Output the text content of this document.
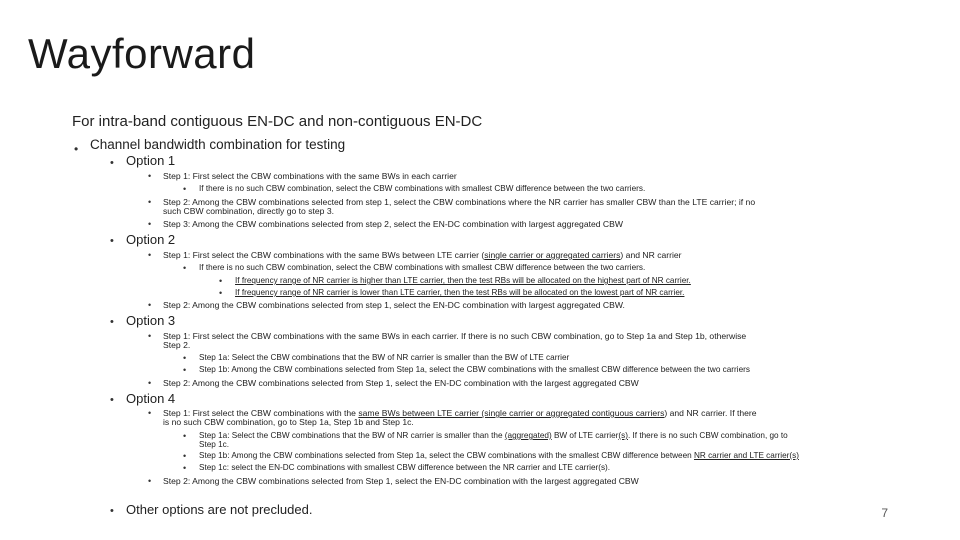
Wayforward
For intra-band contiguous EN-DC and non-contiguous EN-DC
• Channel bandwidth combination for testing
• Option 1
• Step 1: First select the CBW combinations with the same BWs in each carrier
• If there is no such CBW combination, select the CBW combinations with smallest CBW difference between the two carriers.
• Step 2: Among the CBW combinations selected from step 1, select the CBW combinations where the NR carrier has smaller CBW than the LTE carrier; if no
such CBW combination, directly go to step 3.
• Step 3: Among the CBW combinations selected from step 2, select the EN-DC combination with largest aggregated CBW
• Option 2
• Step 1: First select the CBW combinations with the same BWs between LTE carrier (single carrier or aggregated carriers) and NR carrier
• If there is no such CBW combination, select the CBW combinations with smallest CBW difference between the two carriers.
• If frequency range of NR carrier is higher than LTE carrier, then the test RBs will be allocated on the highest part of NR carrier.
• If frequency range of NR carrier is lower than LTE carrier, then the test RBs will be allocated on the lowest part of NR carrier.
• Step 2: Among the CBW combinations selected from step 1, select the EN-DC combination with largest aggregated CBW.
• Option 3
• Step 1: First select the CBW combinations with the same BWs in each carrier. If there is no such CBW combination, go to Step 1a and Step 1b, otherwise
Step 2.
• Step 1a: Select the CBW combinations that the BW of NR carrier is smaller than the BW of LTE carrier
• Step 1b: Among the CBW combinations selected from Step 1a, select the CBW combinations with the smallest CBW difference between the two carriers
• Step 2: Among the CBW combinations selected from Step 1, select the EN-DC combination with the largest aggregated CBW
• Option 4
• Step 1: First select the CBW combinations with the same BWs between LTE carrier (single carrier or aggregated contiguous carriers) and NR carrier. If there
is no such CBW combination, go to Step 1a, Step 1b and Step 1c.
• Step 1a: Select the CBW combinations that the BW of NR carrier is smaller than the (aggregated) BW of LTE carrier(s). If there is no such CBW combination, go to
Step 1c.
• Step 1b: Among the CBW combinations selected from Step 1a, select the CBW combinations with the smallest CBW difference between NR carrier and LTE carrier(s)
• Step 1c: select the EN-DC combinations with smallest CBW difference between the NR carrier and LTE carrier(s).
• Step 2: Among the CBW combinations selected from Step 1, select the EN-DC combination with the largest aggregated CBW
• Other options are not precluded.	7
